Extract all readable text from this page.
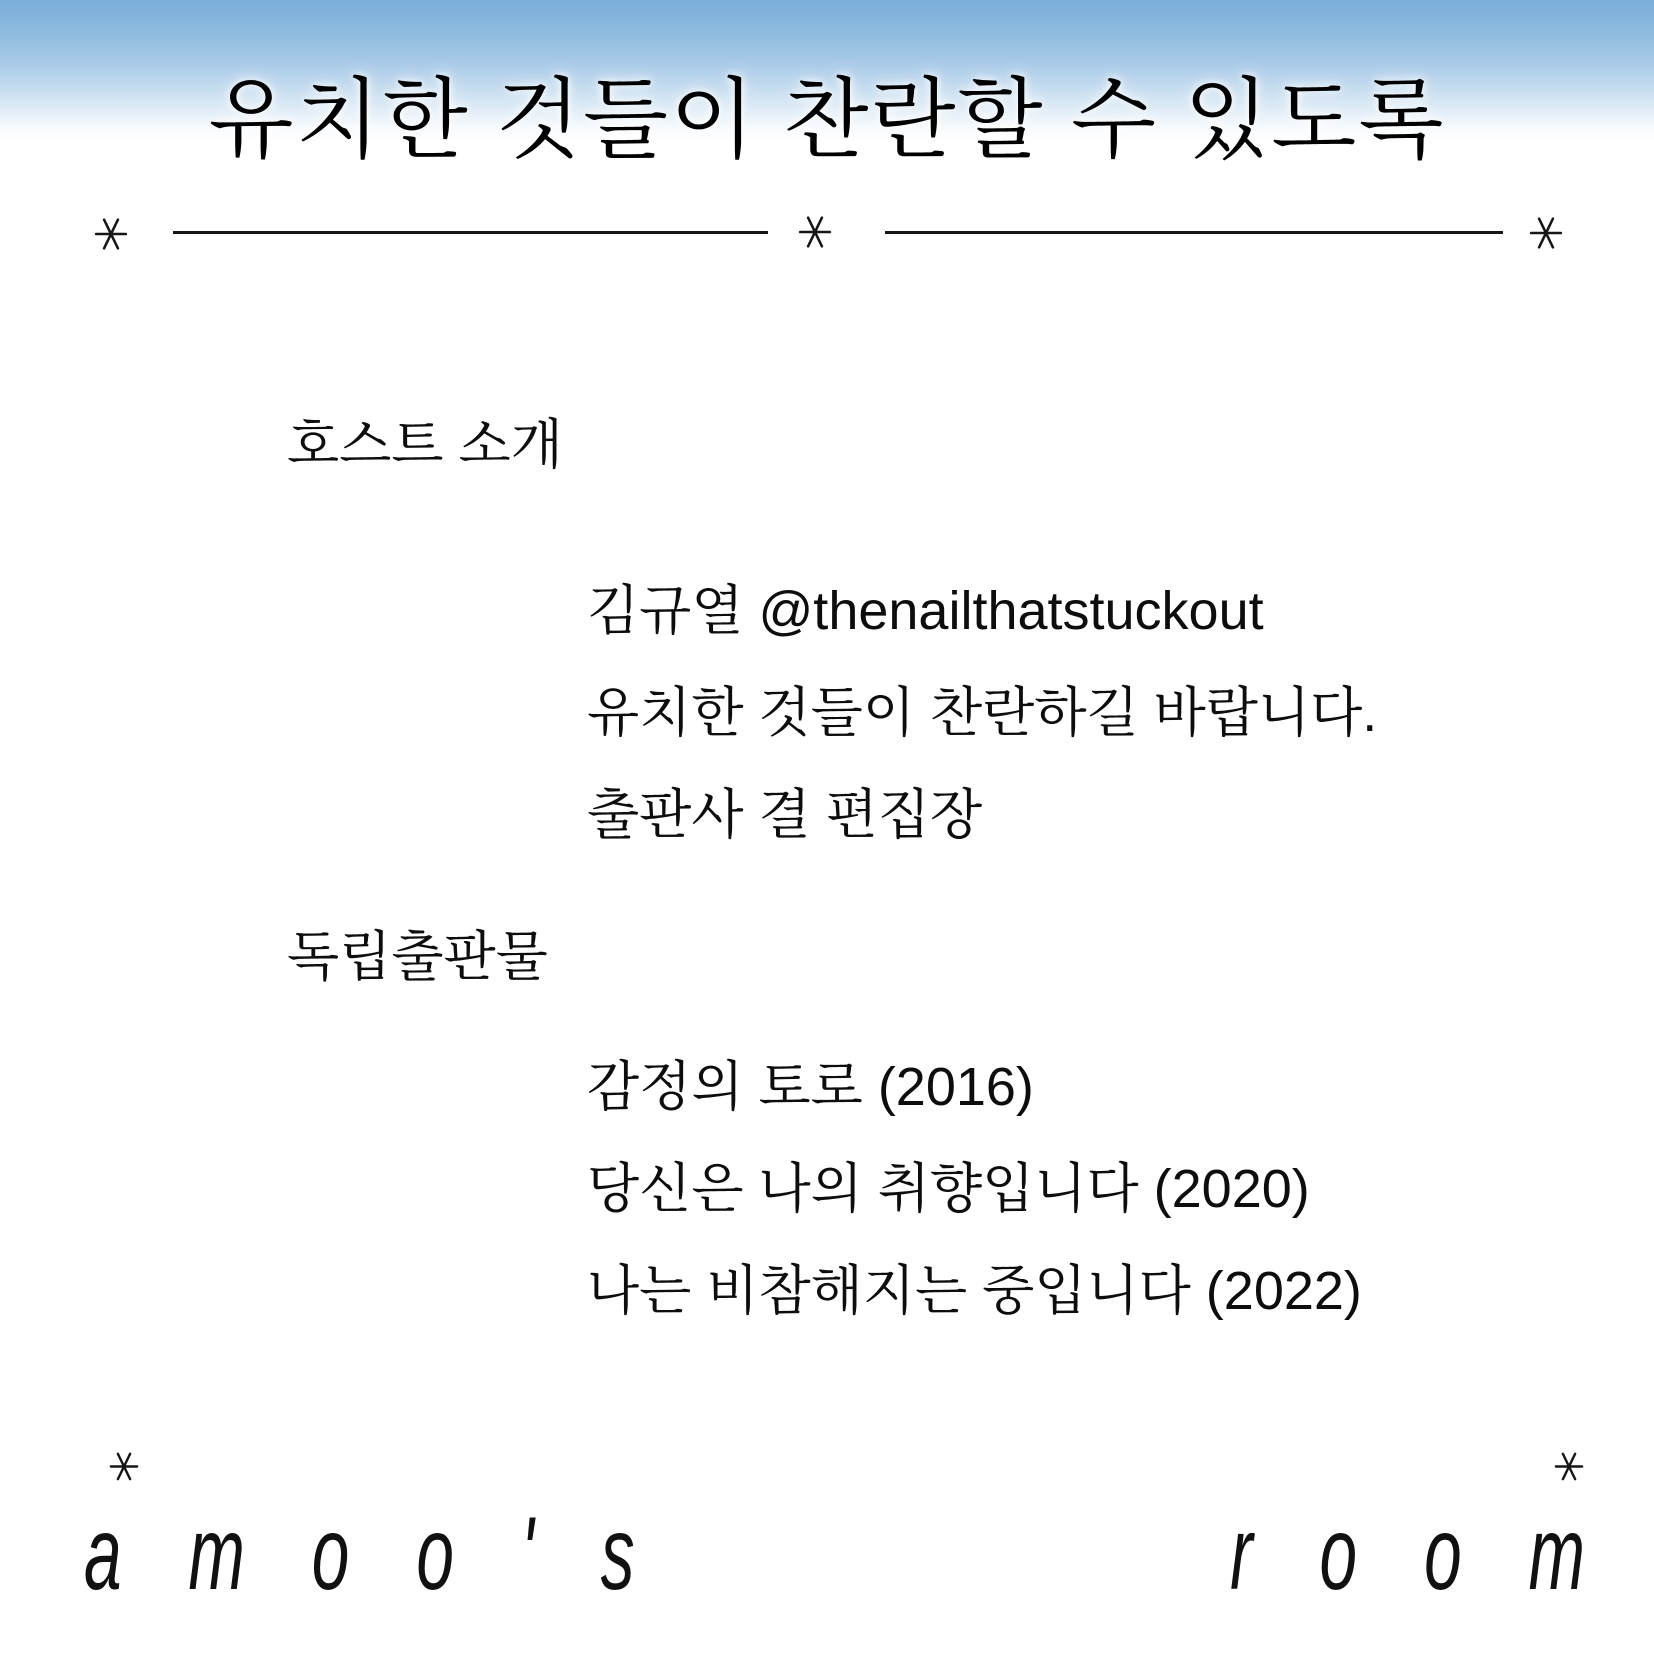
유치한 것들이 찬란할 수 있도록
호스트 소개
김규열 @thenailthatstuckout
유치한 것들이 찬란하길 바랍니다.
출판사 결 편집장
독립출판물
감정의 토로 (2016)
당신은 나의 취향입니다 (2020)
나는 비참해지는 중입니다 (2022)
amoo's	room
